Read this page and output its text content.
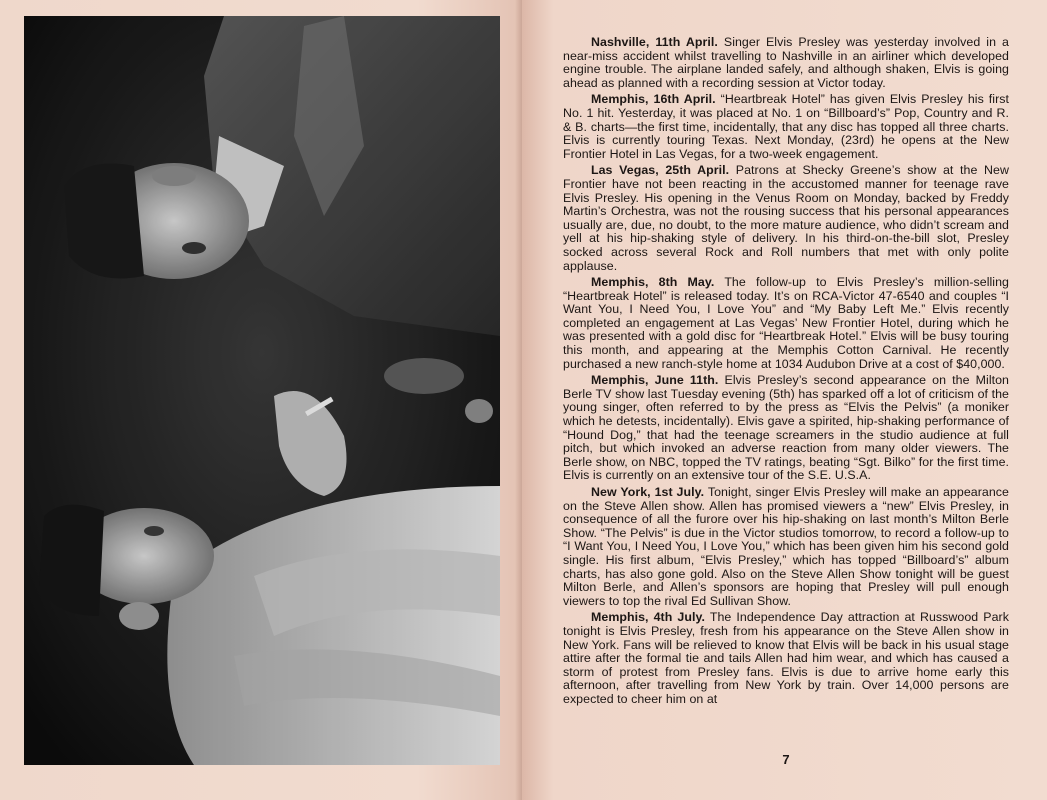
Nashville, 11th April. Singer Elvis Presley was yesterday involved in a near-miss accident whilst travelling to Nashville in an airliner which developed engine trouble. The airplane landed safely, and although shaken, Elvis is going ahead as planned with a recording session at Victor today.

Memphis, 16th April. “Heartbreak Hotel” has given Elvis Presley his first No. 1 hit. Yesterday, it was placed at No. 1 on “Billboard’s” Pop, Country and R. & B. charts—the first time, incidentally, that any disc has topped all three charts. Elvis is currently touring Texas. Next Monday, (23rd) he opens at the New Frontier Hotel in Las Vegas, for a two-week engagement.

Las Vegas, 25th April. Patrons at Shecky Greene’s show at the New Frontier have not been reacting in the accustomed manner for teenage rave Elvis Presley. His opening in the Venus Room on Monday, backed by Freddy Martin’s Orchestra, was not the rousing success that his personal appearances usually are, due, no doubt, to the more mature audience, who didn’t scream and yell at his hip-shaking style of delivery. In his third-on-the-bill slot, Presley socked across several Rock and Roll numbers that met with only polite applause.

Memphis, 8th May. The follow-up to Elvis Presley’s million-selling “Heartbreak Hotel” is released today. It’s on RCA-Victor 47-6540 and couples “I Want You, I Need You, I Love You” and “My Baby Left Me.” Elvis recently completed an engagement at Las Vegas’ New Frontier Hotel, during which he was presented with a gold disc for “Heartbreak Hotel.” Elvis will be busy touring this month, and appearing at the Memphis Cotton Carnival. He recently purchased a new ranch-style home at 1034 Audubon Drive at a cost of $40,000.

Memphis, June 11th. Elvis Presley’s second appearance on the Milton Berle TV show last Tuesday evening (5th) has sparked off a lot of criticism of the young singer, often referred to by the press as “Elvis the Pelvis” (a moniker which he detests, incidentally). Elvis gave a spirited, hip-shaking performance of “Hound Dog,” that had the teenage screamers in the studio audience at full pitch, but which invoked an adverse reaction from many older viewers. The Berle show, on NBC, topped the TV ratings, beating “Sgt. Bilko” for the first time. Elvis is currently on an extensive tour of the S.E. U.S.A.

New York, 1st July. Tonight, singer Elvis Presley will make an appearance on the Steve Allen show. Allen has promised viewers a “new” Elvis Presley, in consequence of all the furore over his hip-shaking on last month’s Milton Berle Show. “The Pelvis” is due in the Victor studios tomorrow, to record a follow-up to “I Want You, I Need You, I Love You,” which has been given him his second gold single. His first album, “Elvis Presley,” which has topped “Billboard’s” album charts, has also gone gold. Also on the Steve Allen Show tonight will be guest Milton Berle, and Allen’s sponsors are hoping that Presley will pull enough viewers to top the rival Ed Sullivan Show.

Memphis, 4th July. The Independence Day attraction at Russwood Park tonight is Elvis Presley, fresh from his appearance on the Steve Allen show in New York. Fans will be relieved to know that Elvis will be back in his usual stage attire after the formal tie and tails Allen had him wear, and which has caused a storm of protest from Presley fans. Elvis is due to arrive home early this afternoon, after travelling from New York by train. Over 14,000 persons are expected to cheer him on at

7
